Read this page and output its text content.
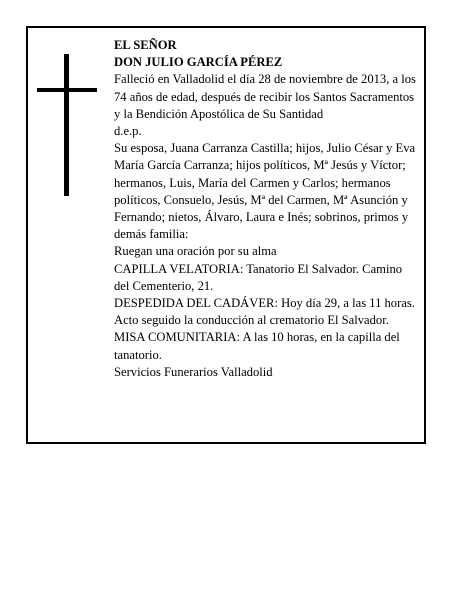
EL SEÑOR

DON JULIO GARCÍA PÉREZ

Falleció en Valladolid el día 28 de noviembre de 2013, a los 74 años de edad, después de recibir los Santos Sacramentos y la Bendición Apostólica de Su Santidad

d.e.p.

Su esposa, Juana Carranza Castilla; hijos, Julio César y Eva María García Carranza; hijos políticos, Mª Jesús y Víctor; hermanos, Luis, María del Carmen y Carlos; hermanos políticos, Consuelo, Jesús, Mª del Carmen, Mª Asunción y Fernando; nietos, Álvaro, Laura e Inés; sobrinos, primos y demás familia:

Ruegan una oración por su alma

CAPILLA VELATORIA: Tanatorio El Salvador. Camino del Cementerio, 21.

DESPEDIDA DEL CADÁVER: Hoy día 29, a las 11 horas. Acto seguido la conducción al crematorio El Salvador.

MISA COMUNITARIA: A las 10 horas, en la capilla del tanatorio.

Servicios Funerarios Valladolid
